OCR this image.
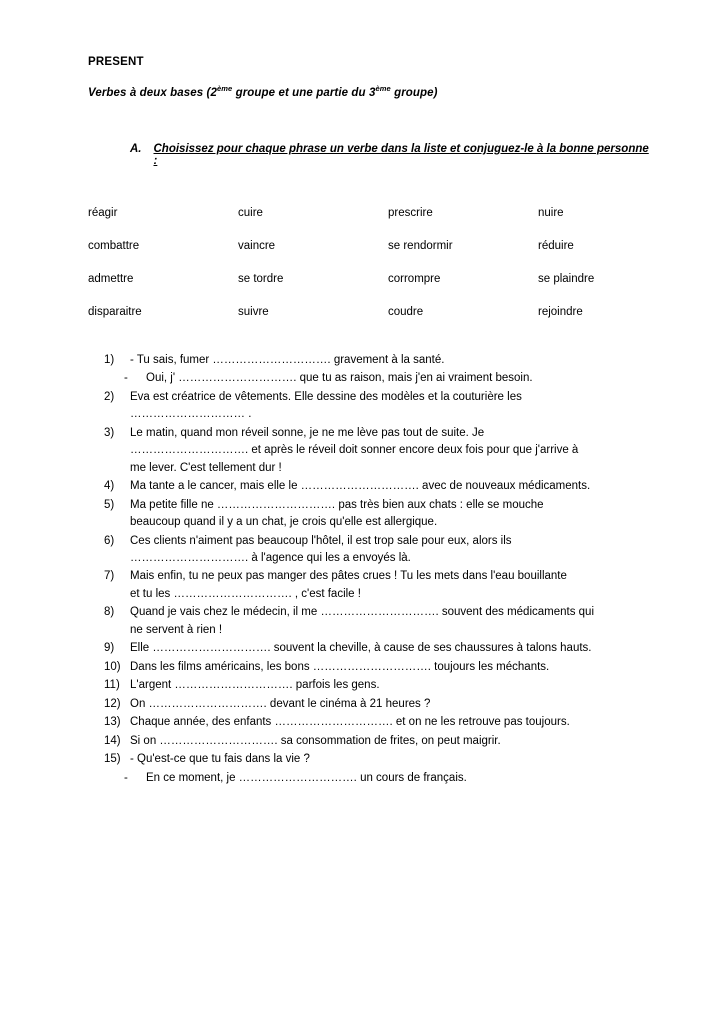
PRESENT

Verbes à deux bases (2ème groupe et une partie du 3ème groupe)

A. Choisissez pour chaque phrase un verbe dans la liste et conjuguez-le à la bonne personne :
réagir	cuire	prescrire	nuire
combattre	vaincre	se rendormir	réduire
admettre	se tordre	corrompre	se plaindre
disparaitre	suivre	coudre	rejoindre
1)	- Tu sais, fumer …………………………. gravement à la santé.
-	Oui, j' …………………………. que tu as raison, mais j'en ai vraiment besoin.
2)	Eva est créatrice de vêtements. Elle dessine des modèles et la couturière les
………………………… .
3)	Le matin, quand mon réveil sonne, je ne me lève pas tout de suite. Je
…………………………. et après le réveil doit sonner encore deux fois pour que j'arrive à
me lever. C'est tellement dur !
4)	Ma tante a le cancer, mais elle le …………………………. avec de nouveaux médicaments.
5)	Ma petite fille ne …………………………. pas très bien aux chats : elle se mouche
beaucoup quand il y a un chat, je crois qu'elle est allergique.
6)	Ces clients n'aiment pas beaucoup l'hôtel, il est trop sale pour eux, alors ils
…………………………. à l'agence qui les a envoyés là.
7)	Mais enfin, tu ne peux pas manger des pâtes crues ! Tu les mets dans l'eau bouillante
et tu les …………………………. , c'est facile !
8)	Quand je vais chez le médecin, il me …………………………. souvent des médicaments qui
ne servent à rien !
9)	Elle …………………………. souvent la cheville, à cause de ses chaussures à talons hauts.
10) Dans les films américains, les bons …………………………. toujours les méchants.
11) L'argent …………………………. parfois les gens.
12) On …………………………. devant le cinéma à 21 heures ?
13) Chaque année, des enfants …………………………. et on ne les retrouve pas toujours.
14) Si on …………………………. sa consommation de frites, on peut maigrir.
15) - Qu'est-ce que tu fais dans la vie ?
-	En ce moment, je …………………………. un cours de français.
